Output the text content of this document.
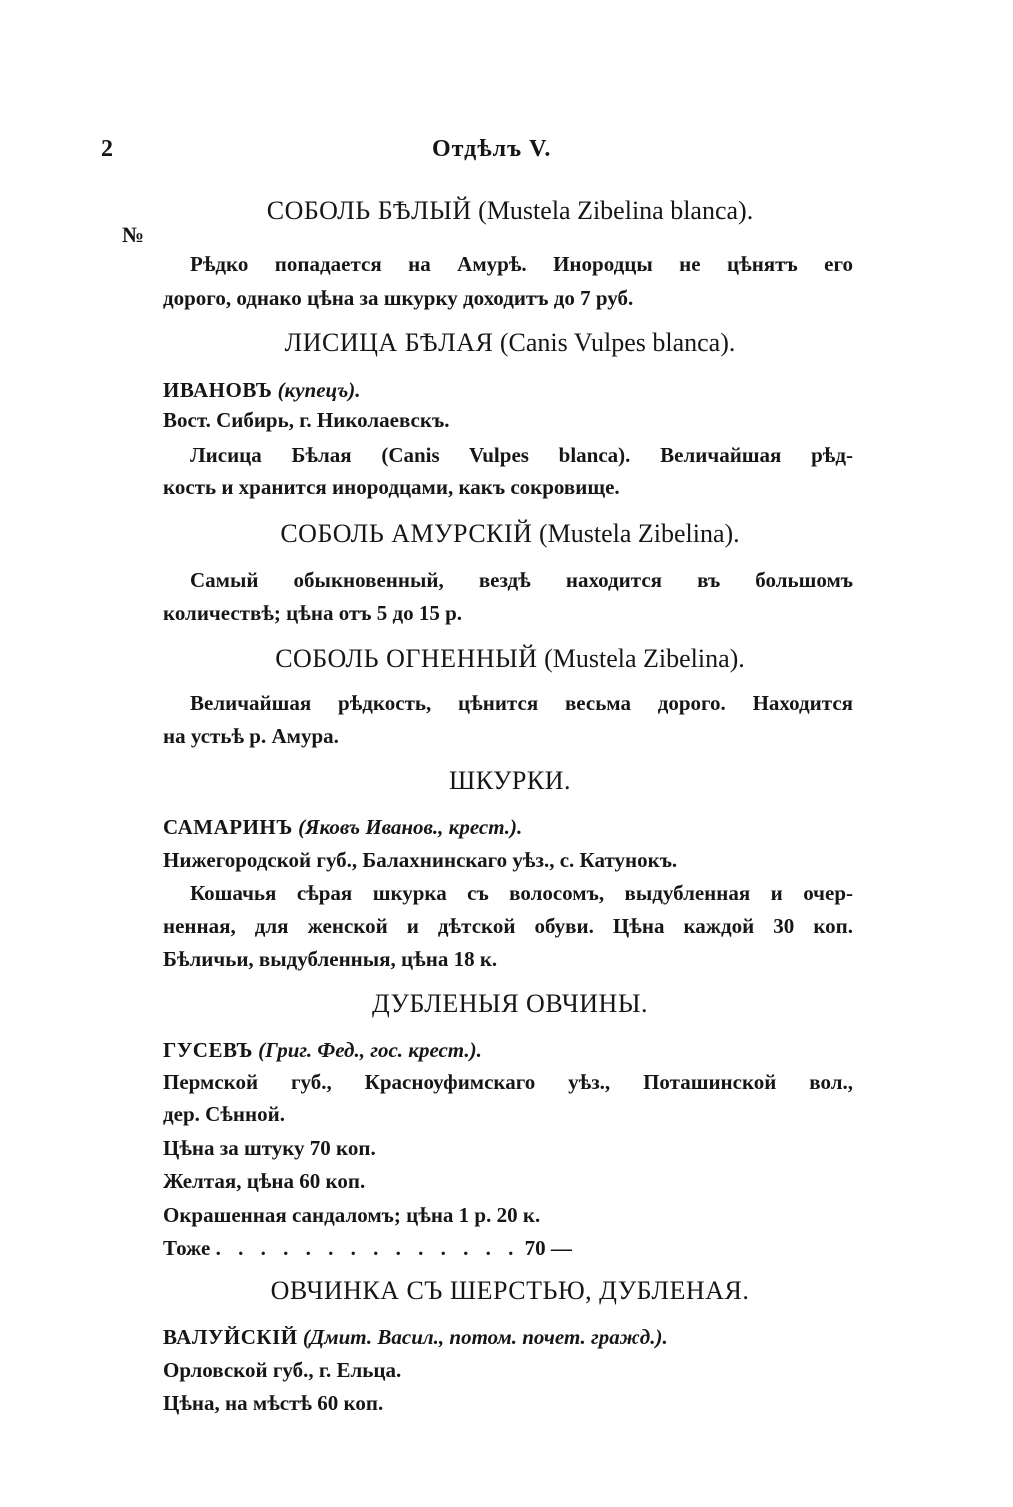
2	Отдѣлъ V.
№
СОБОЛЬ БѢЛЫЙ (Mustela Zibelina blanca).
Рѣдко попадается на Амурѣ. Инородцы не цѣнятъ его
дорого, однако цѣна за шкурку доходитъ до 7 руб.
ЛИСИЦА БѢЛАЯ (Canis Vulpes blanca).
ИВАНОВЪ (купецъ).
Вост. Сибирь, г. Николаевскъ.
Лисица Бѣлая (Canis Vulpes blanca). Величайшая рѣд-
кость и хранится инородцами, какъ сокровище.
СОБОЛЬ АМУРСКІЙ (Mustela Zibelina).
Самый обыкновенный, вездѣ находится въ большомъ
количествѣ; цѣна отъ 5 до 15 р.
СОБОЛЬ ОГНЕННЫЙ (Mustela Zibelina).
Величайшая рѣдкость, цѣнится весьма дорого. Находится
на устьѣ р. Амура.
ШКУРКИ.
САМАРИНЪ (Яковъ Иванов., крест.).
Нижегородской губ., Балахнинскаго уѣз., с. Катунокъ.
Кошачья сѣрая шкурка съ волосомъ, выдубленная и очер-
ненная, для женской и дѣтской обуви. Цѣна каждой 30 коп.
Бѣличьи, выдубленныя, цѣна 18 к.
ДУБЛЕНЫЯ ОВЧИНЫ.
ГУСЕВЪ (Григ. Фед., гос. крест.).
Пермской губ., Красноуфимскаго уѣз., Поташинской вол.,
дер. Сѣнной.
Цѣна за штуку 70 коп.
Желтая, цѣна 60 коп.
Окрашенная сандаломъ; цѣна 1 р. 20 к.
Тоже . . . . . . . . . . . . . . 70 —
ОВЧИНКА СЪ ШЕРСТЬЮ, ДУБЛЕНАЯ.
ВАЛУЙСКІЙ (Дмит. Васил., потом. почет. гражд.).
Орловской губ., г. Ельца.
Цѣна, на мѣстѣ 60 коп.
